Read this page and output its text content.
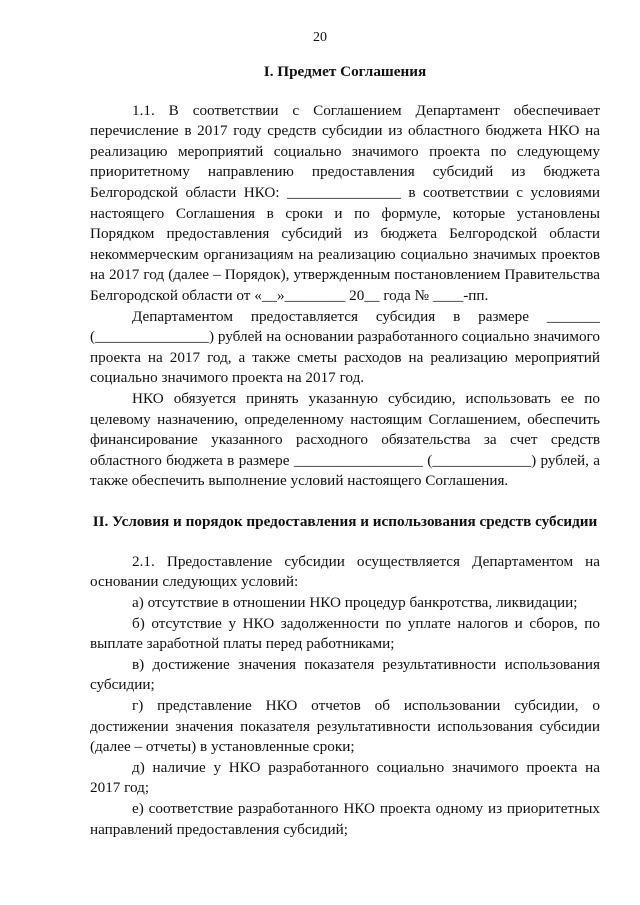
20

I. Предмет Соглашения

1.1. В соответствии с Соглашением Департамент обеспечивает перечисление в 2017 году средств субсидии из областного бюджета НКО на реализацию мероприятий социально значимого проекта по следующему приоритетному направлению предоставления субсидий из бюджета Белгородской области НКО: _______________ в соответствии с условиями настоящего Соглашения в сроки и по формуле, которые установлены Порядком предоставления субсидий из бюджета Белгородской области некоммерческим организациям на реализацию социально значимых проектов на 2017 год (далее – Порядок), утвержденным постановлением Правительства Белгородской области от «__»________ 20__ года № ____-пп.

Департаментом предоставляется субсидия в размере _______ (_______________) рублей на основании разработанного социально значимого проекта на 2017 год, а также сметы расходов на реализацию мероприятий социально значимого проекта на 2017 год.

НКО обязуется принять указанную субсидию, использовать ее по целевому назначению, определенному настоящим Соглашением, обеспечить финансирование указанного расходного обязательства за счет средств областного бюджета в размере _________________ (_____________) рублей, а также обеспечить выполнение условий настоящего Соглашения.

II. Условия и порядок предоставления и использования средств субсидии

2.1. Предоставление субсидии осуществляется Департаментом на основании следующих условий:

а) отсутствие в отношении НКО процедур банкротства, ликвидации;

б) отсутствие у НКО задолженности по уплате налогов и сборов, по выплате заработной платы перед работниками;

в) достижение значения показателя результативности использования субсидии;

г) представление НКО отчетов об использовании субсидии, о достижении значения показателя результативности использования субсидии (далее – отчеты) в установленные сроки;

д) наличие у НКО разработанного социально значимого проекта на 2017 год;

е) соответствие разработанного НКО проекта одному из приоритетных направлений предоставления субсидий;
